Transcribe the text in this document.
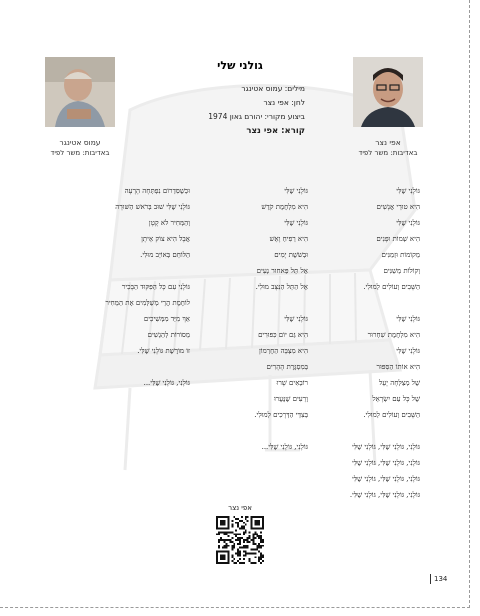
עמוס אטינגר
באדיבות: משר לפיד
אפי נצר
באדיבות: משר לפיד
גולני שלי
מילים: עמוס אטינגר
לחן: אפי נצר
ביצוע מקורי: יהורם גאון 1974
קורא: אפי נצר
גּוֹלָנִי שֶׁלִּי
הִיא טוּרֵי אֲנָשִׁים
גּוֹלָנִי שֶׁלִּי
הִיא שְׁמוֹת וּפָנִים
מְקוֹמוֹת וּזְמַנִּים
וְקוֹלוֹת מְשַׁנִּים
הַשָּׁבִים וְעוֹלִים לְמוּלִי.
גּוֹלָנִי שֶׁלִּי
הִיא מִלְחֶמֶת שִׁחְרוּר
גּוֹלָנִי שֶׁלִּי
הִיא אוֹתוֹ הַסִּפּוּר
שֶׁל מְצַלְּחָה יָעֵל
שֶׁל כָּל עַם יִשְׂרָאֵל
הַשָּׁבִים וְעוֹלִים לְמוּלִי.
גּוֹלָנִי, גּוֹלָנִי שֶׁלִּי, גּוֹלָנִי שֶׁלִּי
גּוֹלָנִי, גּוֹלָנִי שֶׁלִּי, גּוֹלָנִי שֶׁלִּי
גּוֹלָנִי, גּוֹלָנִי שֶׁלִּי, גּוֹלָנִי שֶׁלִּי
גּוֹלָנִי, גּוֹלָנִי שֶׁלִּי, גּוֹלָנִי שֶׁלִּי.
גּוֹלָנִי שֶׁלִּי
הִיא מִלְחֶמֶת קֹדֶשׁ
גּוֹלָנִי שֶׁלִּי
הִיא רְפִיחַ וָאֵשׁ
וּבְשֹׁשֶׁת יָמִים
אֶל תֵּל פַּאחוּר נְעִים
אֶל הַתֵּל הַנִּצָּב מוּלִי.
גּוֹלָנִי שֶׁלִּי
הִיא גַּם יוֹם כִּפּוּרִים
הִיא מִצְבֵּה הַחֶרְמוֹן
בְּמִסְגֶּרֶת הָהָרִים
רוֹבְאִים שָׁרוּ
וְרֵעִים שֶׁנֶּעֶרוּ
בְּצִדֵּי הַדְּרָכִים לְמוּלִי.
גּוֹלָנִי, גּוֹלָנִי שֶׁלִּי...
וּכְשֶׁסִּדְרוֹם נִפְתְּחָה הָרָעָה
גּוֹלָנִי שֶׁלִּי שׁוּב בְּרֹאשׁ הַשּׁוּרָה
וְהַמְּחִיר לֹא קָטָן
אֲבָל הִיא צוֹק אֵיתָן
הַלּוֹחֵם בְּאוֹיֵב מוּלִי.
גּוֹלָנִי עִם כָּל הַפִּקּוּד הַבָּכִיר
לוֹחֶמֶת הֲרֵי מְשַׁלְּמִים אֶת הַמְּחִיר
אַךְ מִיַּד מִמְּשִׁיכִים
מְסוֹרוֹת לְהַגְשִׁים
זוֹ מוֹרֶשֶׁת גּוֹלָנִי שֶׁלִּי.
גּוֹלָנִי, גּוֹלָנִי שֶׁלִּי...
אפי נצר
134
